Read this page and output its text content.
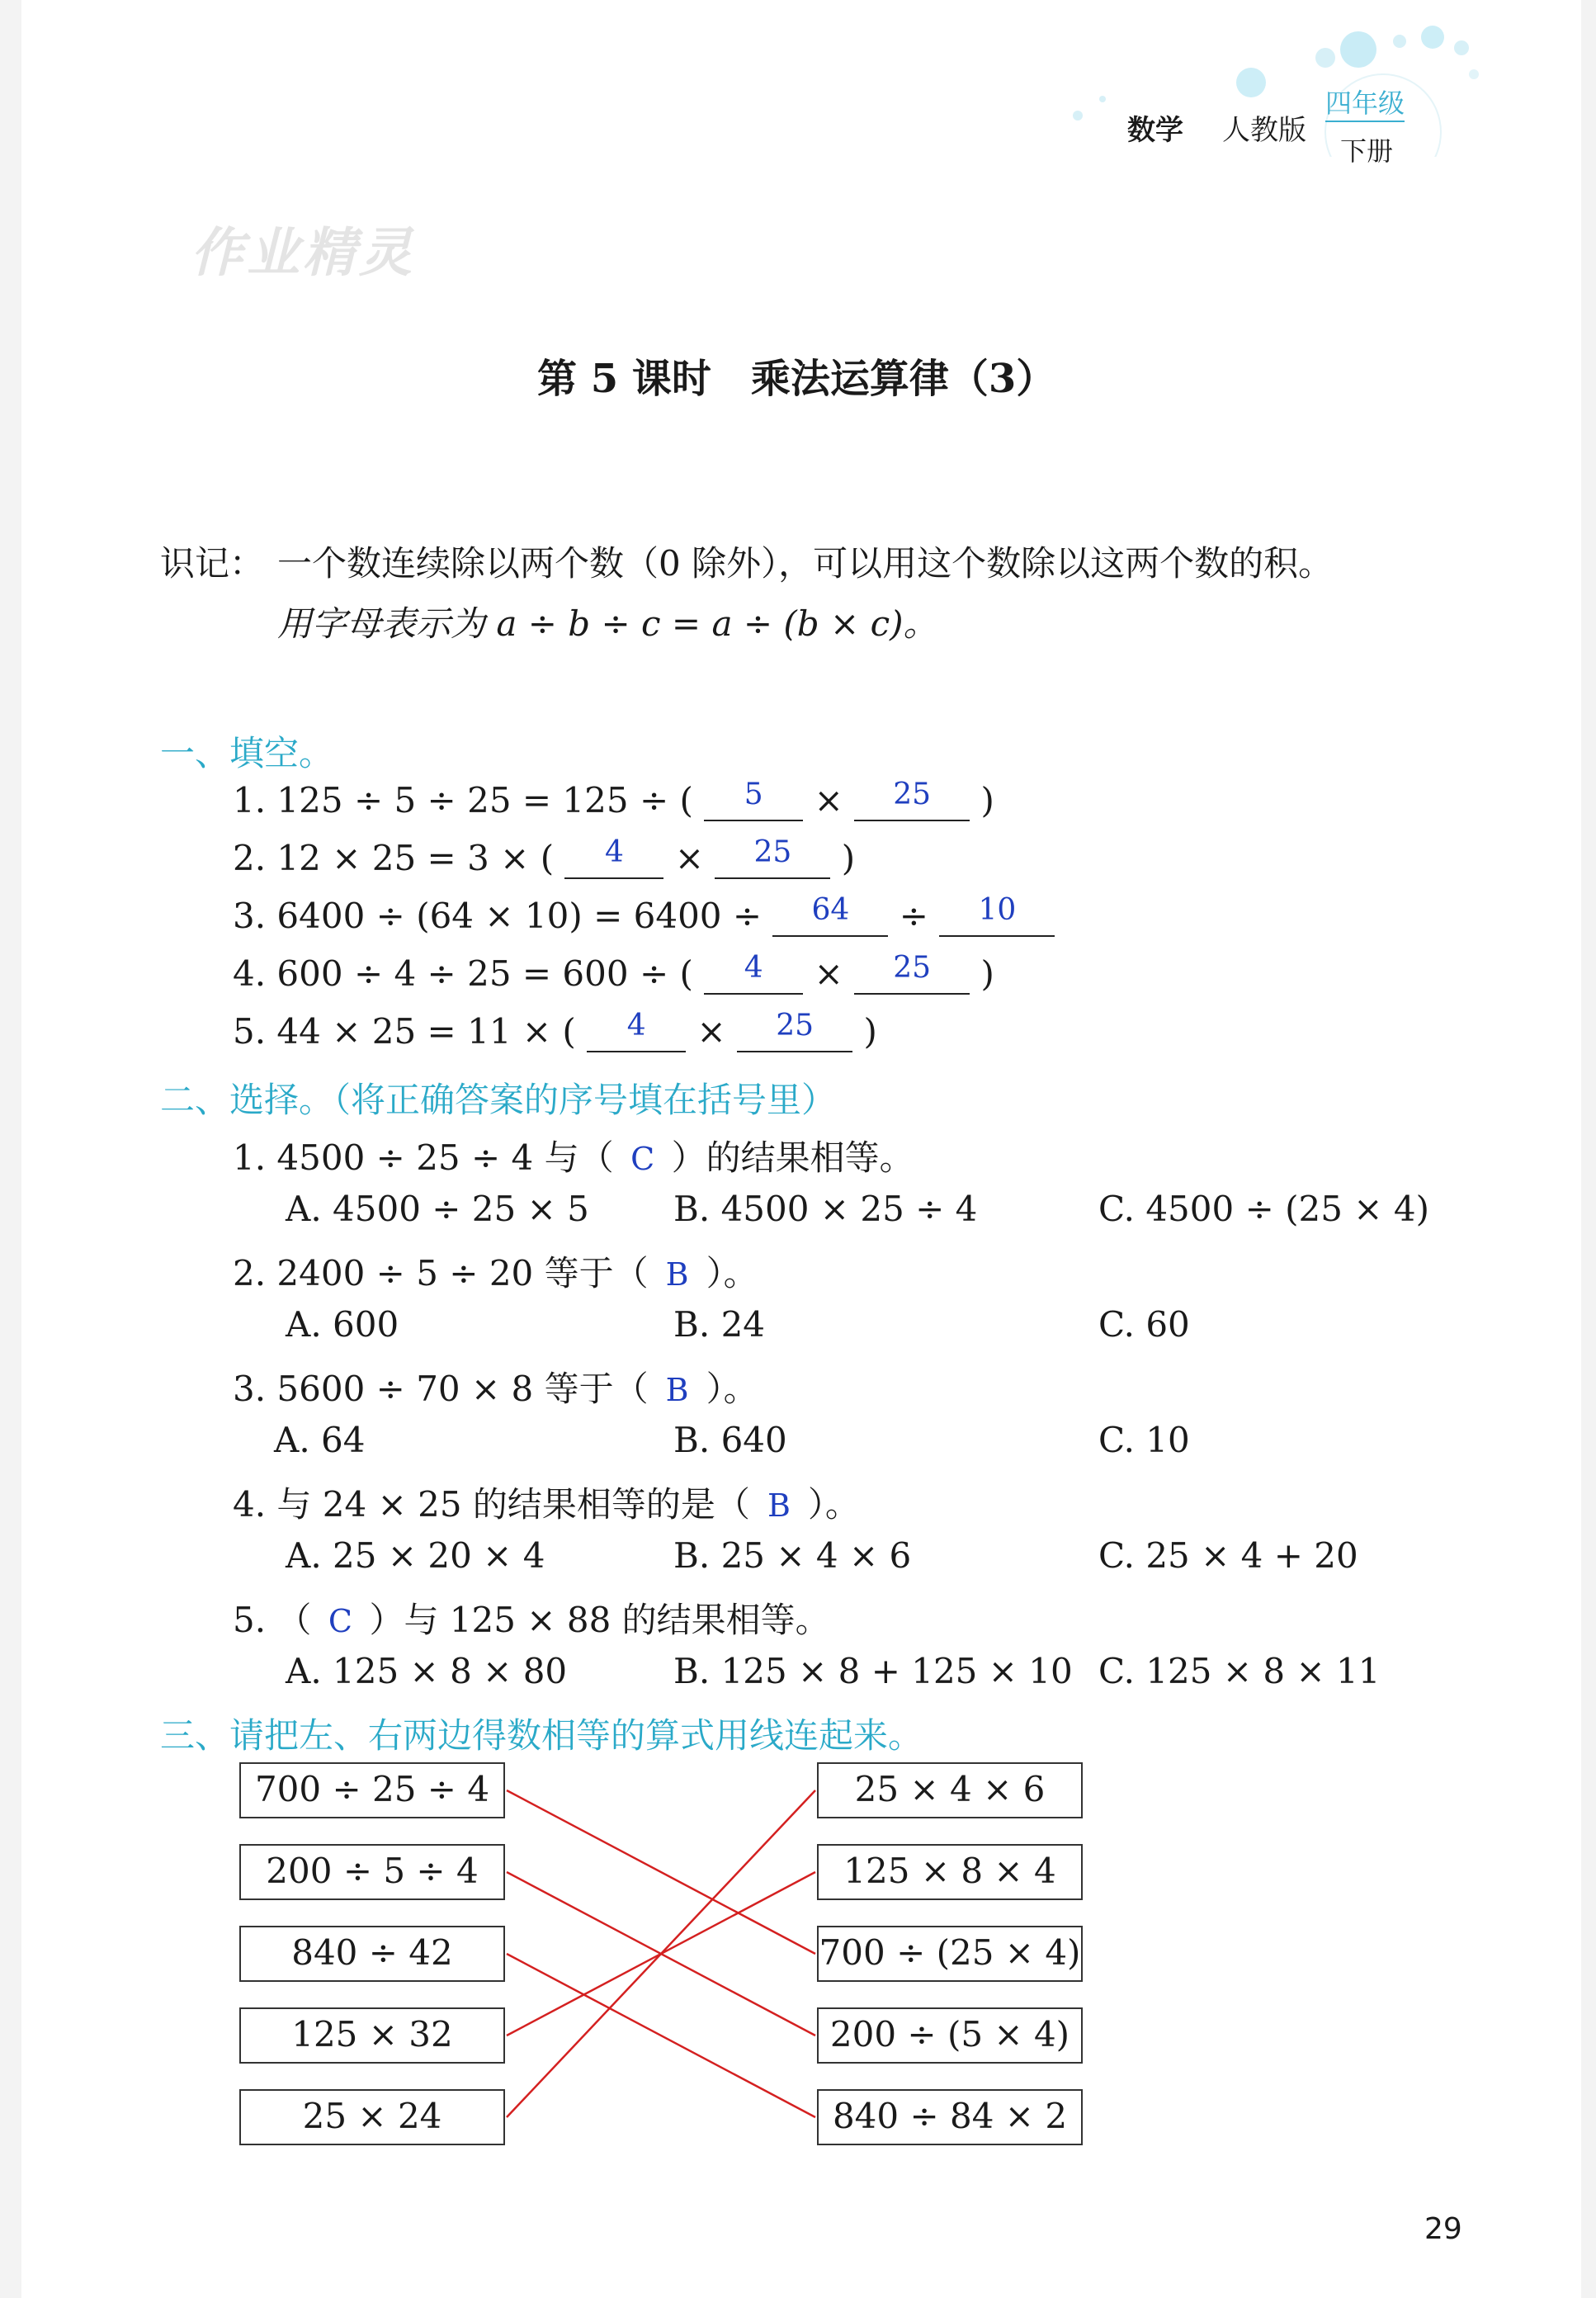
数学 人教版
四年级
下册
作业精灵
第 5 课时　乘法运算律（3）
识记： 一个数连续除以两个数（0 除外），可以用这个数除以这两个数的积。
用字母表示为 a ÷ b ÷ c = a ÷ (b × c)。
一、填空。
1. 125 ÷ 5 ÷ 25 = 125 ÷ ( 5 × 25 )
2. 12 × 25 = 3 × ( 4 × 25 )
3. 6400 ÷ (64 × 10) = 6400 ÷ 64 ÷ 10
4. 600 ÷ 4 ÷ 25 = 600 ÷ ( 4 × 25 )
5. 44 × 25 = 11 × ( 4 × 25 )
二、选择。（将正确答案的序号填在括号里）
1. 4500 ÷ 25 ÷ 4 与（ C ）的结果相等。
A. 4500 ÷ 25 × 5 B. 4500 × 25 ÷ 4	C. 4500 ÷ (25 × 4)
2. 2400 ÷ 5 ÷ 20 等于（ B ）。
A. 600	B. 24	C. 60
3. 5600 ÷ 70 × 8 等于（ B ）。
A. 64	B. 640	C. 10
4. 与 24 × 25 的结果相等的是（ B ）。
A. 25 × 20 × 4	B. 25 × 4 × 6	C. 25 × 4 + 20
5. （ C ）与 125 × 88 的结果相等。
A. 125 × 8 × 80	B. 125 × 8 + 125 × 10 C. 125 × 8 × 11
三、请把左、右两边得数相等的算式用线连起来。
700 ÷ 25 ÷ 4
200 ÷ 5 ÷ 4
840 ÷ 42
125 × 32
25 × 24
25 × 4 × 6
125 × 8 × 4
700 ÷ (25 × 4)
200 ÷ (5 × 4)
840 ÷ 84 × 2
29
